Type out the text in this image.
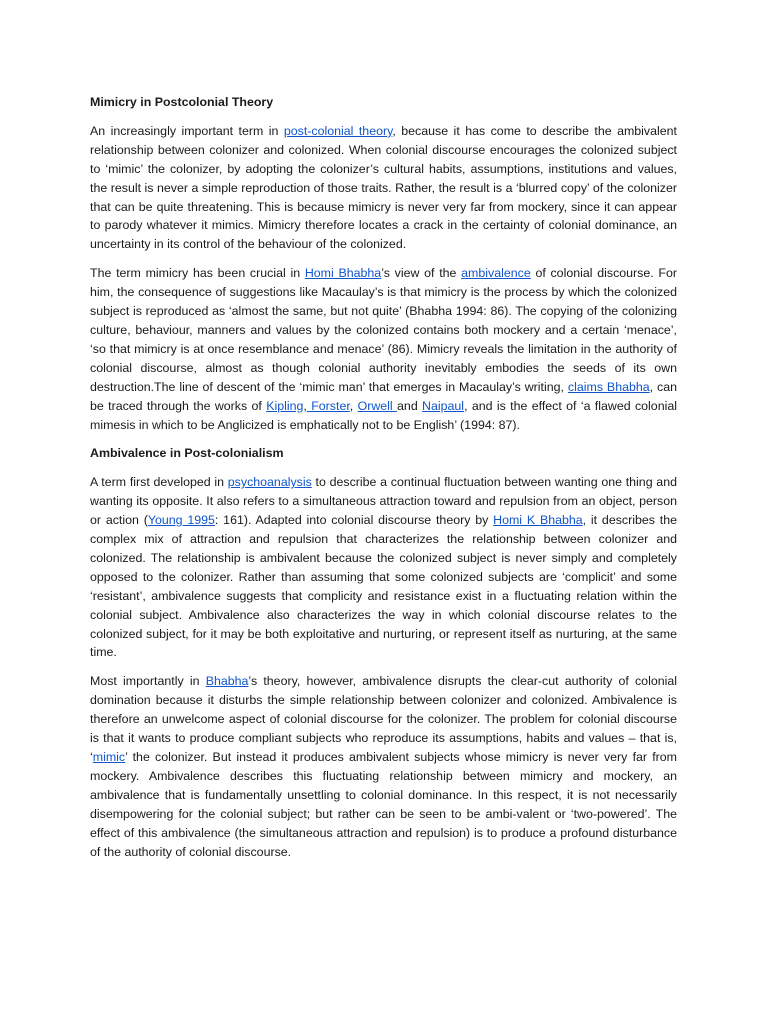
Mimicry in Postcolonial Theory

An increasingly important term in post-colonial theory, because it has come to describe the ambivalent relationship between colonizer and colonized. When colonial discourse encourages the colonized subject to ‘mimic’ the colonizer, by adopting the colonizer’s cultural habits, assumptions, institutions and values, the result is never a simple reproduction of those traits. Rather, the result is a ‘blurred copy’ of the colonizer that can be quite threatening. This is because mimicry is never very far from mockery, since it can appear to parody whatever it mimics. Mimicry therefore locates a crack in the certainty of colonial dominance, an uncertainty in its control of the behaviour of the colonized.

The term mimicry has been crucial in Homi Bhabha’s view of the ambivalence of colonial discourse. For him, the consequence of suggestions like Macaulay’s is that mimicry is the process by which the colonized subject is reproduced as ‘almost the same, but not quite’ (Bhabha 1994: 86). The copying of the colonizing culture, behaviour, manners and values by the colonized contains both mockery and a certain ‘menace’, ‘so that mimicry is at once resemblance and menace’ (86). Mimicry reveals the limitation in the authority of colonial discourse, almost as though colonial authority inevitably embodies the seeds of its own destruction.The line of descent of the ‘mimic man’ that emerges in Macaulay’s writing, claims Bhabha, can be traced through the works of Kipling, Forster, Orwell and Naipaul, and is the effect of ‘a flawed colonial mimesis in which to be Anglicized is emphatically not to be English’ (1994: 87).

Ambivalence in Post-colonialism

A term first developed in psychoanalysis to describe a continual fluctuation between wanting one thing and wanting its opposite. It also refers to a simultaneous attraction toward and repulsion from an object, person or action (Young 1995: 161). Adapted into colonial discourse theory by Homi K Bhabha, it describes the complex mix of attraction and repulsion that characterizes the relationship between colonizer and colonized. The relationship is ambivalent because the colonized subject is never simply and completely opposed to the colonizer. Rather than assuming that some colonized subjects are ‘complicit’ and some ‘resistant’, ambivalence suggests that complicity and resistance exist in a fluctuating relation within the colonial subject. Ambivalence also characterizes the way in which colonial discourse relates to the colonized subject, for it may be both exploitative and nurturing, or represent itself as nurturing, at the same time.

Most importantly in Bhabha’s theory, however, ambivalence disrupts the clear-cut authority of colonial domination because it disturbs the simple relationship between colonizer and colonized. Ambivalence is therefore an unwelcome aspect of colonial discourse for the colonizer. The problem for colonial discourse is that it wants to produce compliant subjects who reproduce its assumptions, habits and values – that is, ‘mimic’ the colonizer. But instead it produces ambivalent subjects whose mimicry is never very far from mockery. Ambivalence describes this fluctuating relationship between mimicry and mockery, an ambivalence that is fundamentally unsettling to colonial dominance. In this respect, it is not necessarily disempowering for the colonial subject; but rather can be seen to be ambi-valent or ‘two-powered’. The effect of this ambivalence (the simultaneous attraction and repulsion) is to produce a profound disturbance of the authority of colonial discourse.
